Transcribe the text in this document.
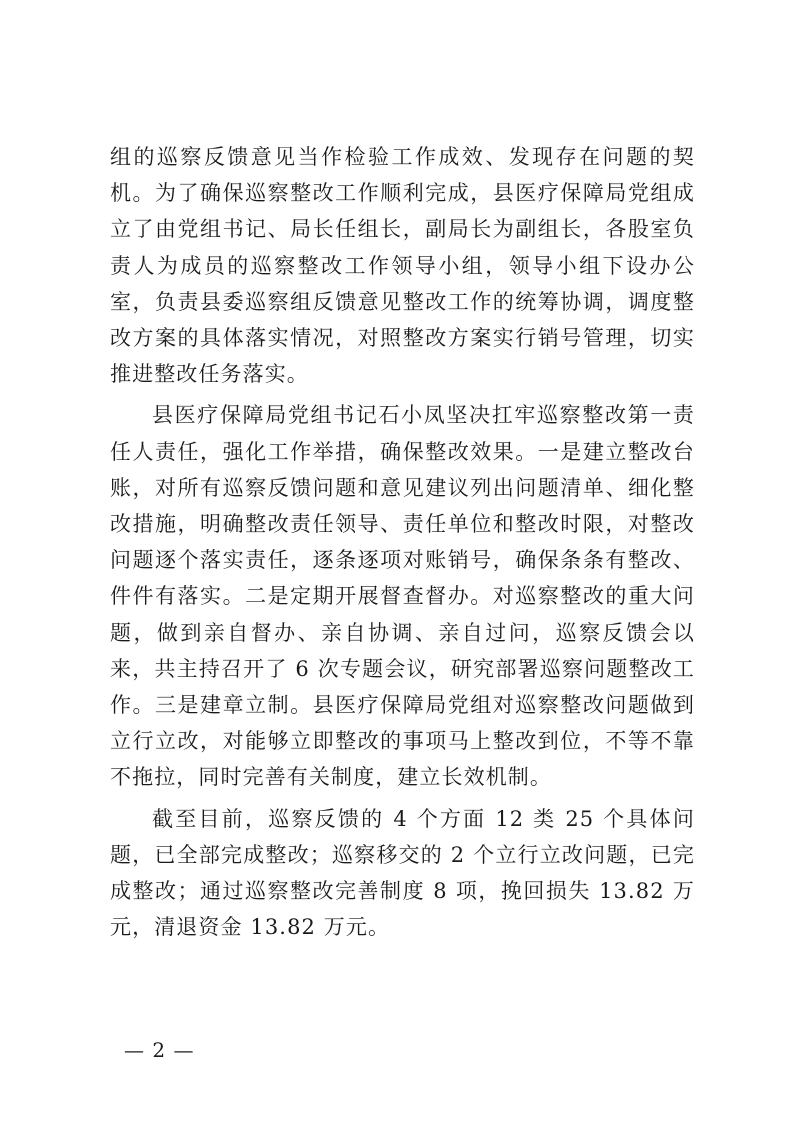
组的巡察反馈意见当作检验工作成效、发现存在问题的契机。为了确保巡察整改工作顺利完成，县医疗保障局党组成立了由党组书记、局长任组长，副局长为副组长，各股室负责人为成员的巡察整改工作领导小组，领导小组下设办公室，负责县委巡察组反馈意见整改工作的统筹协调，调度整改方案的具体落实情况，对照整改方案实行销号管理，切实推进整改任务落实。

县医疗保障局党组书记石小凤坚决扛牢巡察整改第一责任人责任，强化工作举措，确保整改效果。一是建立整改台账，对所有巡察反馈问题和意见建议列出问题清单、细化整改措施，明确整改责任领导、责任单位和整改时限，对整改问题逐个落实责任，逐条逐项对账销号，确保条条有整改、件件有落实。二是定期开展督查督办。对巡察整改的重大问题，做到亲自督办、亲自协调、亲自过问，巡察反馈会以来，共主持召开了 6 次专题会议，研究部署巡察问题整改工作。三是建章立制。县医疗保障局党组对巡察整改问题做到立行立改，对能够立即整改的事项马上整改到位，不等不靠不拖拉，同时完善有关制度，建立长效机制。

截至目前，巡察反馈的 4 个方面 12 类 25 个具体问题，已全部完成整改；巡察移交的 2 个立行立改问题，已完成整改；通过巡察整改完善制度 8 项，挽回损失 13.82 万元，清退资金 13.82 万元。

— 2 —
